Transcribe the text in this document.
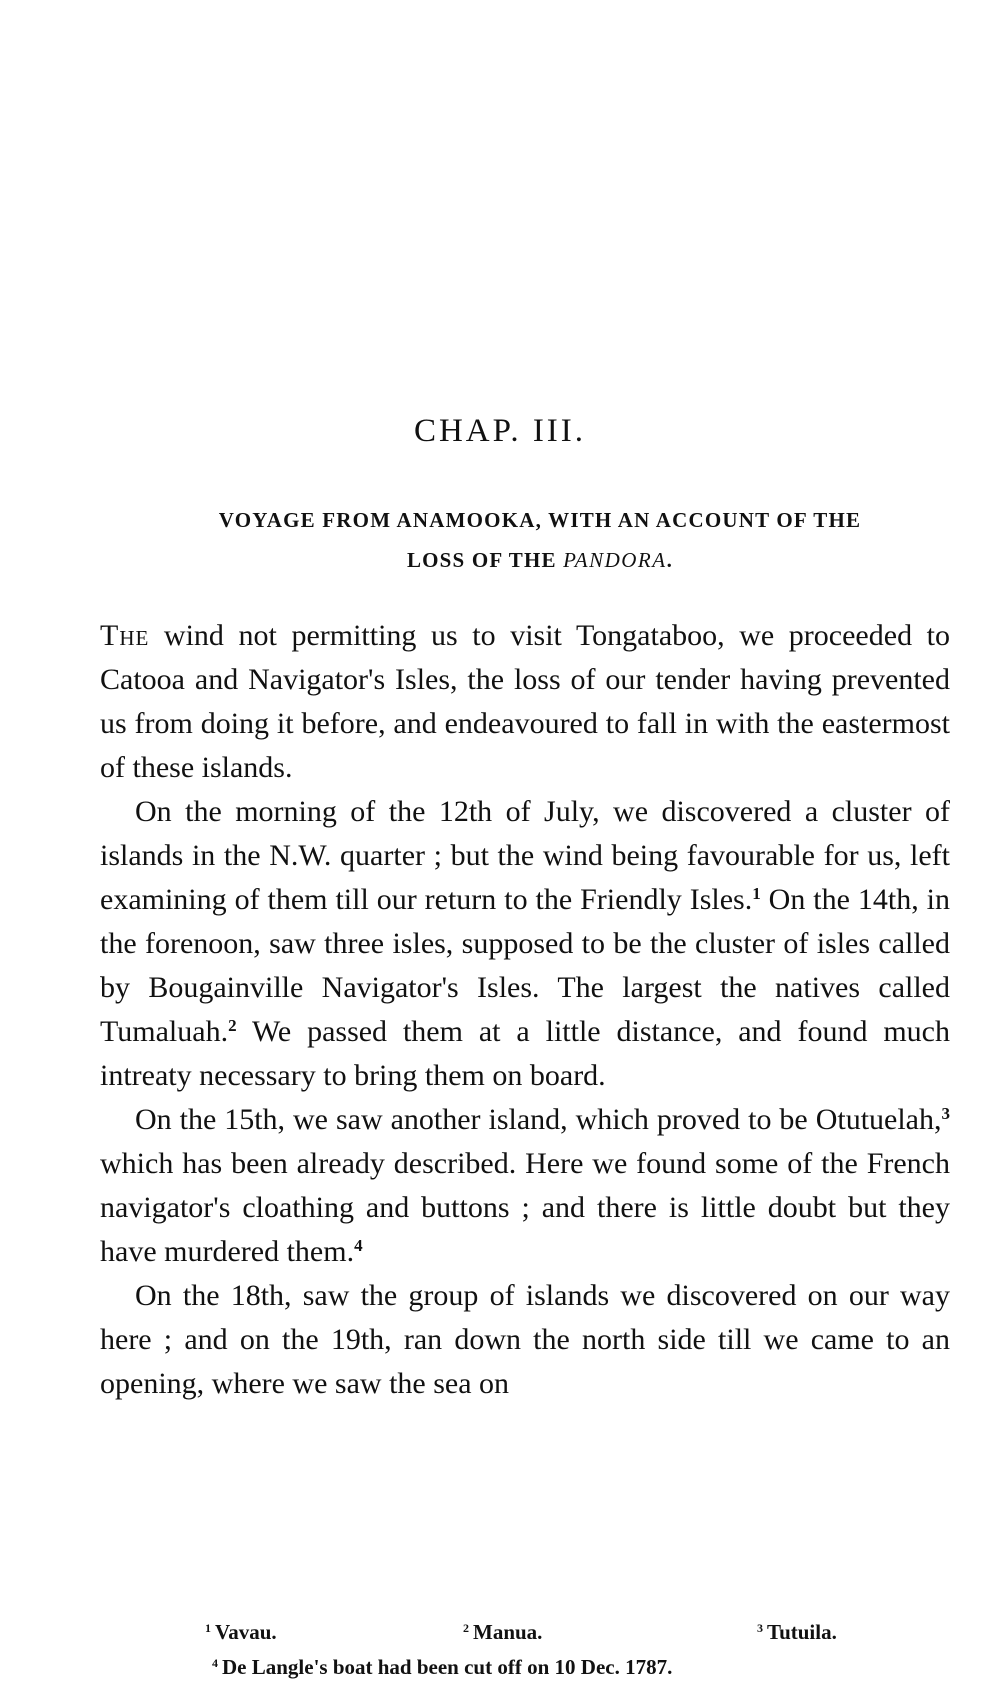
CHAP. III.
VOYAGE FROM ANAMOOKA, WITH AN ACCOUNT OF THE
LOSS OF THE PANDORA.

The wind not permitting us to visit Tongataboo, we proceeded to Catooa and Navigator's Isles, the loss of our tender having prevented us from doing it before, and endeavoured to fall in with the eastermost of these islands.

On the morning of the 12th of July, we discovered a cluster of islands in the N.W. quarter ; but the wind being favourable for us, left examining of them till our return to the Friendly Isles.$^1$ On the 14th, in the forenoon, saw three isles, supposed to be the cluster of isles called by Bougainville Navigator's Isles. The largest the natives called Tumaluah.$^2$ We passed them at a little distance, and found much intreaty necessary to bring them on board.

On the 15th, we saw another island, which proved to be Otutuelah,$^3$ which has been already described. Here we found some of the French navigator's cloathing and buttons ; and there is little doubt but they have murdered them.$^4$

On the 18th, saw the group of islands we discovered on our way here ; and on the 19th, ran down the north side till we came to an opening, where we saw the sea on

$^1$ Vavau.	$^2$ Manua.	$^3$ Tutuila.
$^4$ De Langle's boat had been cut off on 10 Dec. 1787.
